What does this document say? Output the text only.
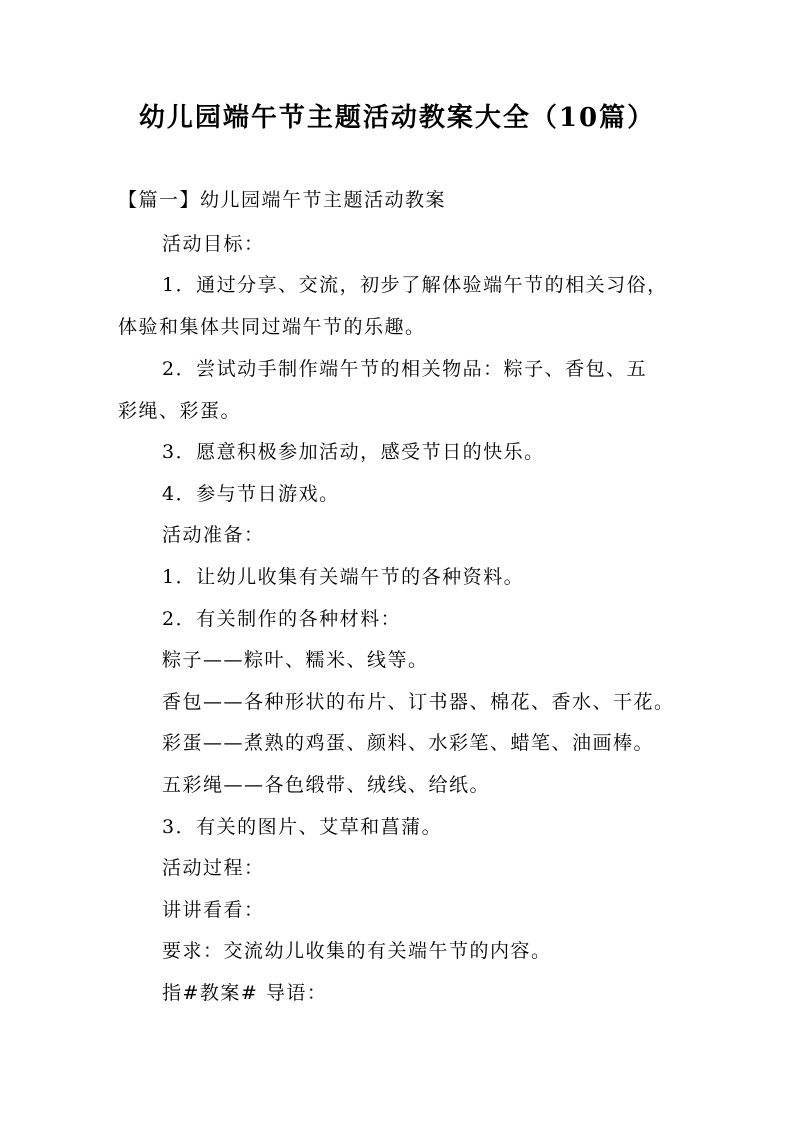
幼儿园端午节主题活动教案大全（10篇）
【篇一】幼儿园端午节主题活动教案
活动目标：
1．通过分享、交流，初步了解体验端午节的相关习俗，
体验和集体共同过端午节的乐趣。
2．尝试动手制作端午节的相关物品：粽子、香包、五
彩绳、彩蛋。
3．愿意积极参加活动，感受节日的快乐。
4．参与节日游戏。
活动准备：
1．让幼儿收集有关端午节的各种资料。
2．有关制作的各种材料：
粽子——粽叶、糯米、线等。
香包——各种形状的布片、订书器、棉花、香水、干花。
彩蛋——煮熟的鸡蛋、颜料、水彩笔、蜡笔、油画棒。
五彩绳——各色缎带、绒线、给纸。
3．有关的图片、艾草和菖蒲。
活动过程：
讲讲看看：
要求：交流幼儿收集的有关端午节的内容。
指#教案# 导语：
